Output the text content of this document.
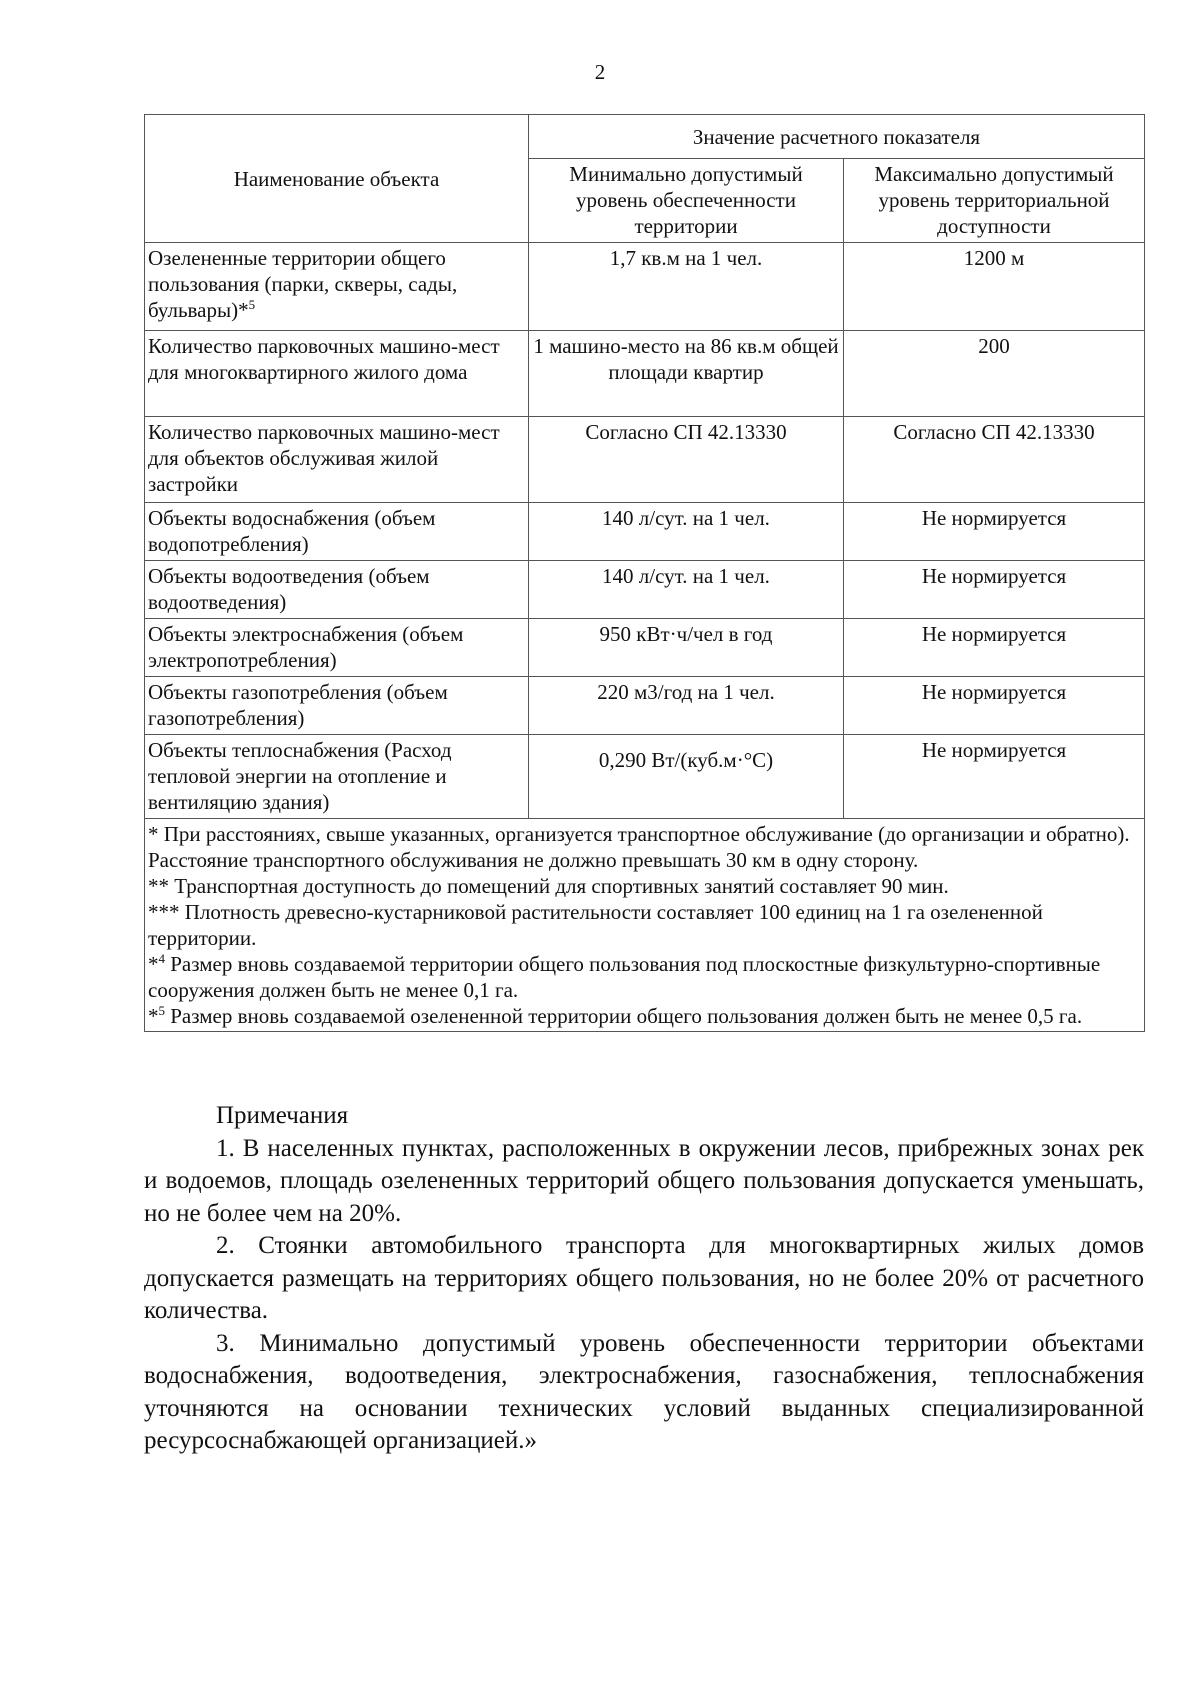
2
Наименование объекта	Значение расчетного показателя	
	Минимально допустимый уровень обеспеченности территории	Максимально допустимый уровень территориальной доступности
Озелененные территории общего пользования (парки, скверы, сады, бульвары)*$^5$	1,7 кв.м на 1 чел.	1200 м
Количество парковочных машино-мест для многоквартирного жилого дома	1 машино-место на 86 кв.м общей площади квартир	200
Количество парковочных машино-мест для объектов обслуживая жилой застройки	Согласно СП 42.13330	Согласно СП 42.13330
Объекты водоснабжения (объем водопотребления)	140 л/сут. на 1 чел.	Не нормируется
Объекты водоотведения (объем водоотведения)	140 л/сут. на 1 чел.	Не нормируется
Объекты электроснабжения (объем электропотребления)	950 кВт·ч/чел в год	Не нормируется
Объекты газопотребления (объем газопотребления)	220 м3/год на 1 чел.	Не нормируется
Объекты теплоснабжения (Расход тепловой энергии на отопление и вентиляцию здания)	0,290 Вт/(куб.м·°С)	Не нормируется

* При расстояниях, свыше указанных, организуется транспортное обслуживание (до организации и обратно). Расстояние транспортного обслуживания не должно превышать 30 км в одну сторону.
** Транспортная доступность до помещений для спортивных занятий составляет 90 мин.
*** Плотность древесно-кустарниковой растительности составляет 100 единиц на 1 га озелененной территории.
*$^4$ Размер вновь создаваемой территории общего пользования под плоскостные физкультурно-спортивные сооружения должен быть не менее 0,1 га.
*$^5$ Размер вновь создаваемой озелененной территории общего пользования должен быть не менее 0,5 га.		
Примечания
1. В населенных пунктах, расположенных в окружении лесов, прибрежных зонах рек и водоемов, площадь озелененных территорий общего пользования допускается уменьшать, но не более чем на 20%.
2. Стоянки автомобильного транспорта для многоквартирных жилых домов допускается размещать на территориях общего пользования, но не более 20% от расчетного количества.
3. Минимально допустимый уровень обеспеченности территории объектами водоснабжения, водоотведения, электроснабжения, газоснабжения, теплоснабжения уточняются на основании технических условий выданных специализированной ресурсоснабжающей организацией.»
